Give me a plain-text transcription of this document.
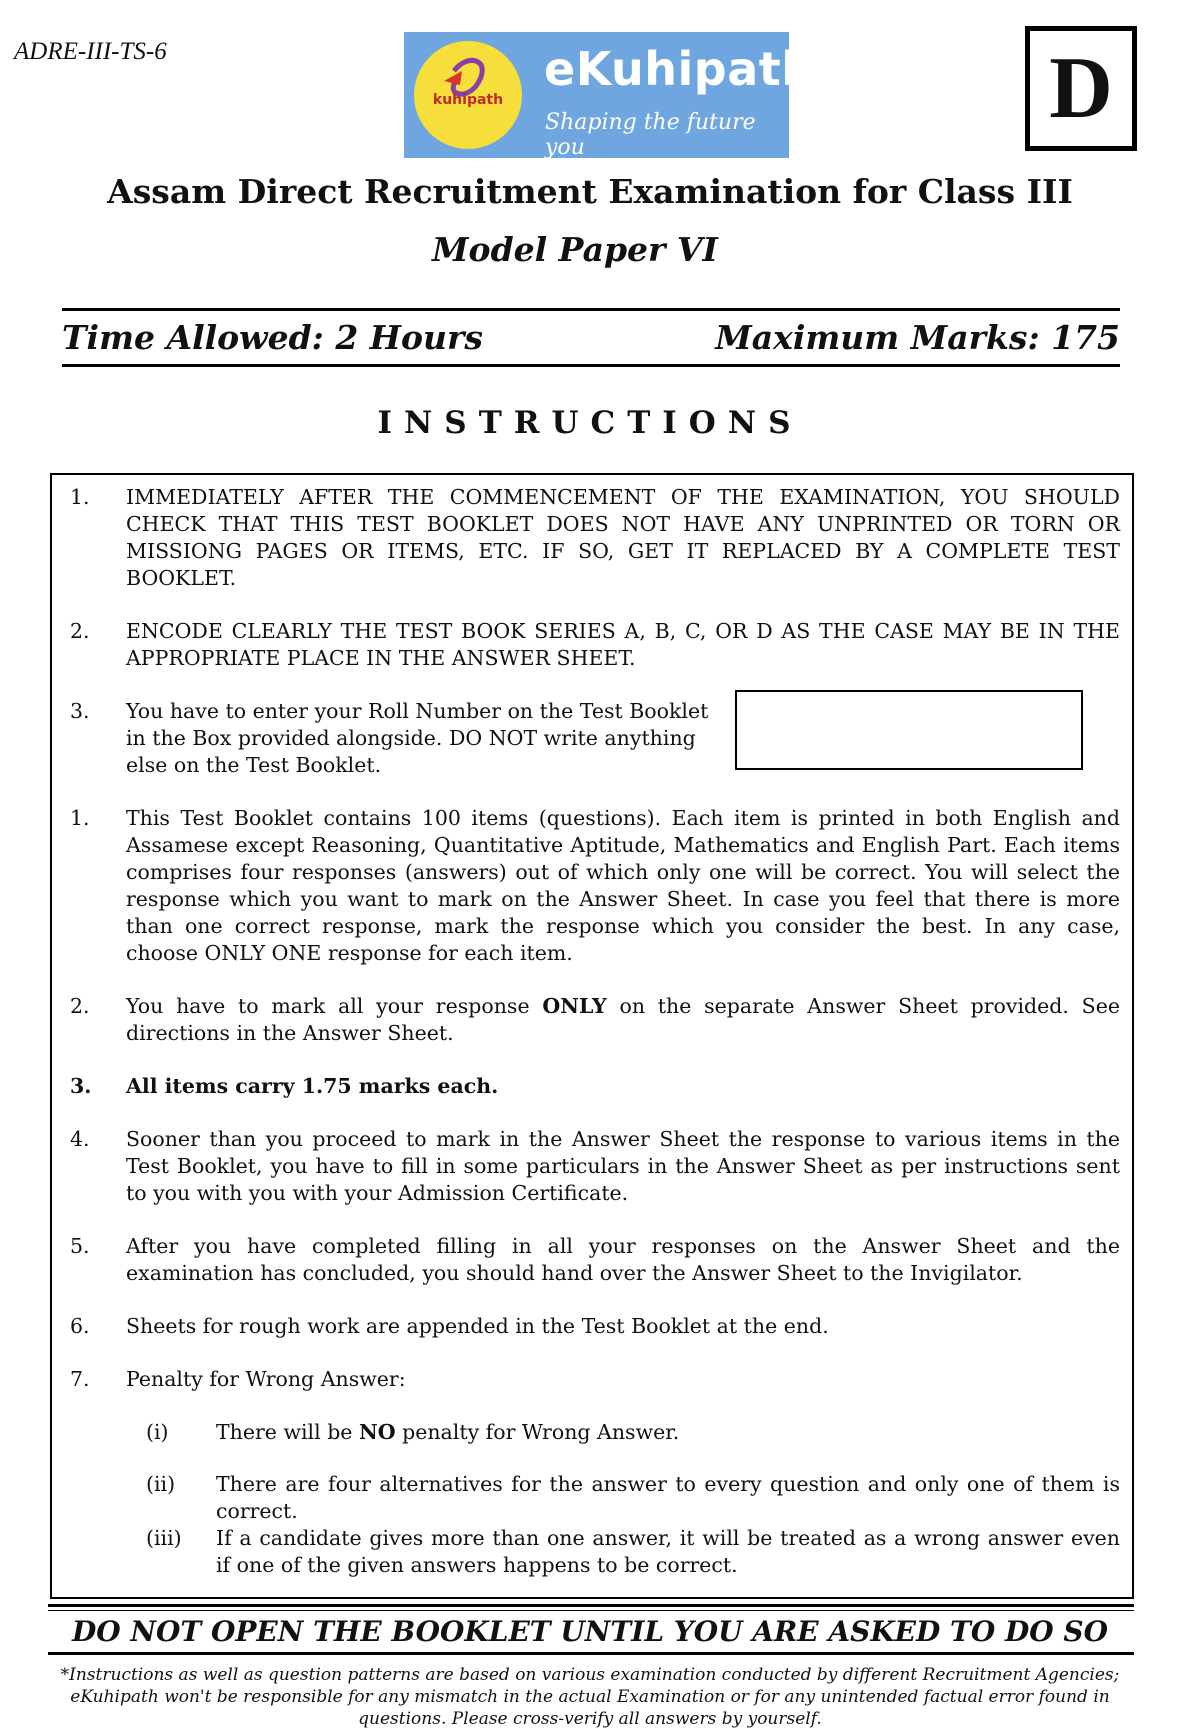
ADRE-III-TS-6
kuhipath
eKuhipath
Shaping the future you
D
Assam Direct Recruitment Examination for Class III
Model Paper VI
Time Allowed: 2 Hours	Maximum Marks: 175
INSTRUCTIONS
1.	IMMEDIATELY AFTER THE COMMENCEMENT OF THE EXAMINATION, YOU SHOULD CHECK THAT THIS TEST BOOKLET DOES NOT HAVE ANY UNPRINTED OR TORN OR MISSIONG PAGES OR ITEMS, ETC. IF SO, GET IT REPLACED BY A COMPLETE TEST BOOKLET.
2.	ENCODE CLEARLY THE TEST BOOK SERIES A, B, C, OR D AS THE CASE MAY BE IN THE APPROPRIATE PLACE IN THE ANSWER SHEET.
3.	You have to enter your Roll Number on the Test Booklet in the Box provided alongside. DO NOT write anything else on the Test Booklet.
1.	This Test Booklet contains 100 items (questions). Each item is printed in both English and Assamese except Reasoning, Quantitative Aptitude, Mathematics and English Part. Each items comprises four responses (answers) out of which only one will be correct. You will select the response which you want to mark on the Answer Sheet. In case you feel that there is more than one correct response, mark the response which you consider the best. In any case, choose ONLY ONE response for each item.
2.	You have to mark all your response ONLY on the separate Answer Sheet provided. See directions in the Answer Sheet.
3.	All items carry 1.75 marks each.
4.	Sooner than you proceed to mark in the Answer Sheet the response to various items in the Test Booklet, you have to fill in some particulars in the Answer Sheet as per instructions sent to you with you with your Admission Certificate.
5.	After you have completed filling in all your responses on the Answer Sheet and the examination has concluded, you should hand over the Answer Sheet to the Invigilator.
6.	Sheets for rough work are appended in the Test Booklet at the end.
7.	Penalty for Wrong Answer:
(i)	There will be NO penalty for Wrong Answer.
(ii)	There are four alternatives for the answer to every question and only one of them is correct.
(iii)	If a candidate gives more than one answer, it will be treated as a wrong answer even if one of the given answers happens to be correct.
DO NOT OPEN THE BOOKLET UNTIL YOU ARE ASKED TO DO SO
*Instructions as well as question patterns are based on various examination conducted by different Recruitment Agencies; eKuhipath won't be responsible for any mismatch in the actual Examination or for any unintended factual error found in questions. Please cross-verify all answers by yourself.
